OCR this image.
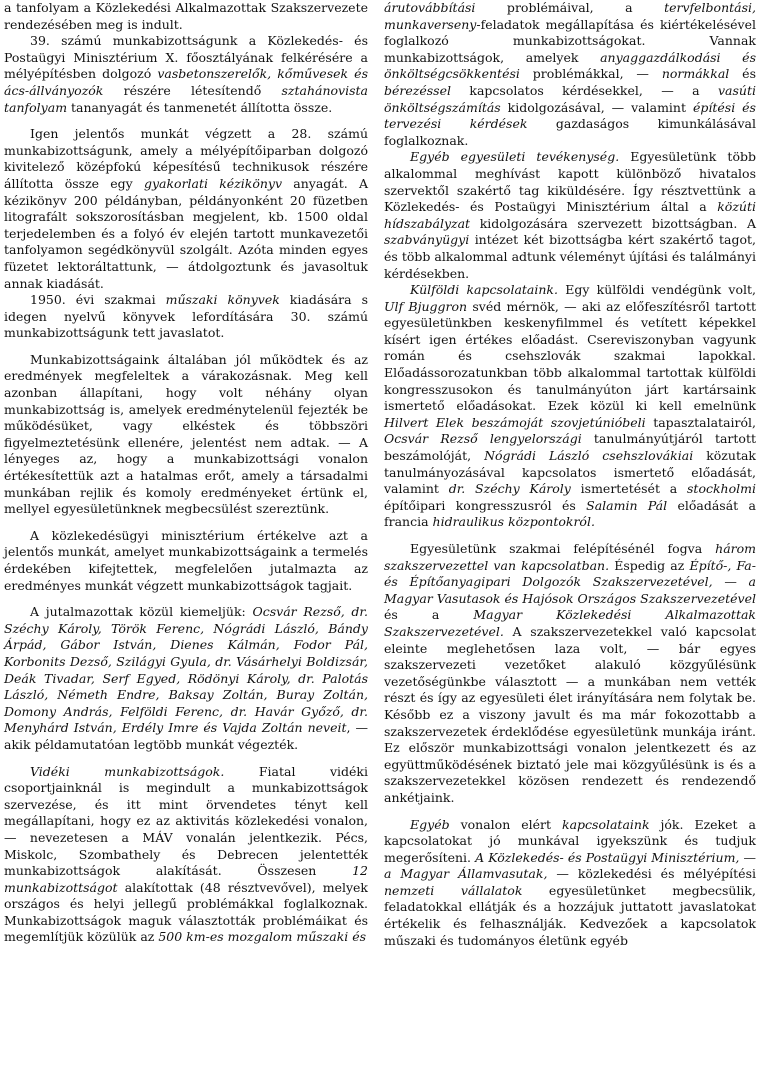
a tanfolyam a Közlekedési Alkalmazottak Szakszervezete rendezésében meg is indult.

39. számú munkabizottságunk a Közlekedés- és Postaügyi Minisztérium X. főosztályának felkérésére a mélyépítésben dolgozó vasbetonszerelők, kőművesek és ács-állványozók részére létesítendő sztahánovista tanfolyam tananyagát és tanmenetét állította össze.

Igen jelentős munkát végzett a 28. számú munkabizottságunk, amely a mélyépítőiparban dolgozó kivitelező középfokú képesítésű technikusok részére állította össze egy gyakorlati kézikönyv anyagát. A kézikönyv 200 példányban, példányonként 20 füzetben litografált sokszorosításban megjelent, kb. 1500 oldal terjedelemben és a folyó év elején tartott munkavezetői tanfolyamon segédkönyvül szolgált. Azóta minden egyes füzetet lektoráltattunk, — átdolgoztunk és javasoltuk annak kiadását.

1950. évi szakmai műszaki könyvek kiadására s idegen nyelvű könyvek lefordítására 30. számú munkabizottságunk tett javaslatot.

Munkabizottságaink általában jól működtek és az eredmények megfeleltek a várakozásnak. Meg kell azonban állapítani, hogy volt néhány olyan munkabizottság is, amelyek eredménytelenül fejezték be működésüket, vagy elkéstek és többszöri figyelmeztetésünk ellenére, jelentést nem adtak. — A lényeges az, hogy a munkabizottsági vonalon értékesítettük azt a hatalmas erőt, amely a társadalmi munkában rejlik és komoly eredményeket értünk el, mellyel egyesületünknek megbecsülést szereztünk.

A közlekedésügyi minisztérium értékelve azt a jelentős munkát, amelyet munkabizottságaink a termelés érdekében kifejtettek, megfelelően jutalmazta az eredményes munkát végzett munkabizottságok tagjait.

A jutalmazottak közül kiemeljük: Ocsvár Rezső, dr. Széchy Károly, Török Ferenc, Nógrádi László, Bándy Árpád, Gábor István, Dienes Kálmán, Fodor Pál, Korbonits Dezső, Szilágyi Gyula, dr. Vásárhelyi Boldizsár, Deák Tivadar, Serf Egyed, Rödönyi Károly, dr. Palotás László, Németh Endre, Baksay Zoltán, Buray Zoltán, Domony András, Felföldi Ferenc, dr. Havár Győző, dr. Menyhárd István, Erdély Imre és Vajda Zoltán neveit, — akik példamutatóan legtöbb munkát végezték.

Vidéki munkabizottságok. Fiatal vidéki csoportjainknál is megindult a munkabizottságok szervezése, és itt mint örvendetes tényt kell megállapítani, hogy ez az aktivitás közlekedési vonalon, — nevezetesen a MÁV vonalán jelentkezik. Pécs, Miskolc, Szombathely és Debrecen jelentették munkabizottságok alakítását. Összesen 12 munkabizottságot alakítottak (48 résztvevővel), melyek országos és helyi jellegű problémákkal foglalkoznak. Munkabizottságok maguk választották problémáikat és megemlítjük közülük az 500 km-es mozgalom műszaki és

árutovábbítási problémáival, a tervfelbontási, munkaverseny-feladatok megállapítása és kiértékelésével foglalkozó munkabizottságokat. Vannak munkabizottságok, amelyek anyaggazdálkodási és önköltségcsökkentési problémákkal, — normákkal és bérezéssel kapcsolatos kérdésekkel, — a vasúti önköltségszámítás kidolgozásával, — valamint építési és tervezési kérdések gazdaságos kimunkálásával foglalkoznak.

Egyéb egyesületi tevékenység. Egyesületünk több alkalommal meghívást kapott különböző hivatalos szervektől szakértő tag kiküldésére. Így résztvettünk a Közlekedés- és Postaügyi Minisztérium által a közúti hídszabályzat kidolgozására szervezett bizottságban. A szabványügyi intézet két bizottságba kért szakértő tagot, és több alkalommal adtunk véleményt újítási és találmányi kérdésekben.

Külföldi kapcsolataink. Egy külföldi vendégünk volt, Ulf Bjuggron svéd mérnök, — aki az előfeszítésről tartott egyesületünkben keskenyfilmmel és vetített képekkel kísért igen értékes előadást. Csereviszonyban vagyunk román és csehszlovák szakmai lapokkal. Előadássorozatunkban több alkalommal tartottak külföldi kongresszusokon és tanulmányúton járt kartársaink ismertető előadásokat. Ezek közül ki kell emelnünk Hilvert Elek beszámoját szovjetúnióbeli tapasztalatairól, Ocsvár Rezső lengyelországi tanulmányútjáról tartott beszámolóját, Nógrádi László csehszlovákiai közutak tanulmányozásával kapcsolatos ismertető előadását, valamint dr. Széchy Károly ismertetését a stockholmi építőipari kongresszusról és Salamin Pál előadását a francia hidraulikus központokról.

Egyesületünk szakmai felépítésénél fogva három szakszervezettel van kapcsolatban. Éspedig az Építő-, Fa- és Építőanyagipari Dolgozók Szakszervezetével, — a Magyar Vasutasok és Hajósok Országos Szakszervezetével és a Magyar Közlekedési Alkalmazottak Szakszervezetével. A szakszervezetekkel való kapcsolat eleinte meglehetősen laza volt, — bár egyes szakszervezeti vezetőket alakuló közgyűlésünk vezetőségünkbe választott — a munkában nem vették részt és így az egyesületi élet irányítására nem folytak be. Később ez a viszony javult és ma már fokozottabb a szakszervezetek érdeklődése egyesületünk munkája iránt. Ez először munkabizottsági vonalon jelentkezett és az együttműködésének biztató jele mai közgyűlésünk is és a szakszervezetekkel közösen rendezett és rendezendő ankétjaink.

Egyéb vonalon elért kapcsolataink jók. Ezeket a kapcsolatokat jó munkával igyekszünk és tudjuk megerősíteni. A Közlekedés- és Postaügyi Minisztérium, — a Magyar Államvasutak, — közlekedési és mélyépítési nemzeti vállalatok egyesületünket megbecsülik, feladatokkal ellátják és a hozzájuk juttatott javaslatokat értékelik és felhasználják. Kedvezőek a kapcsolatok műszaki és tudományos életünk egyéb
